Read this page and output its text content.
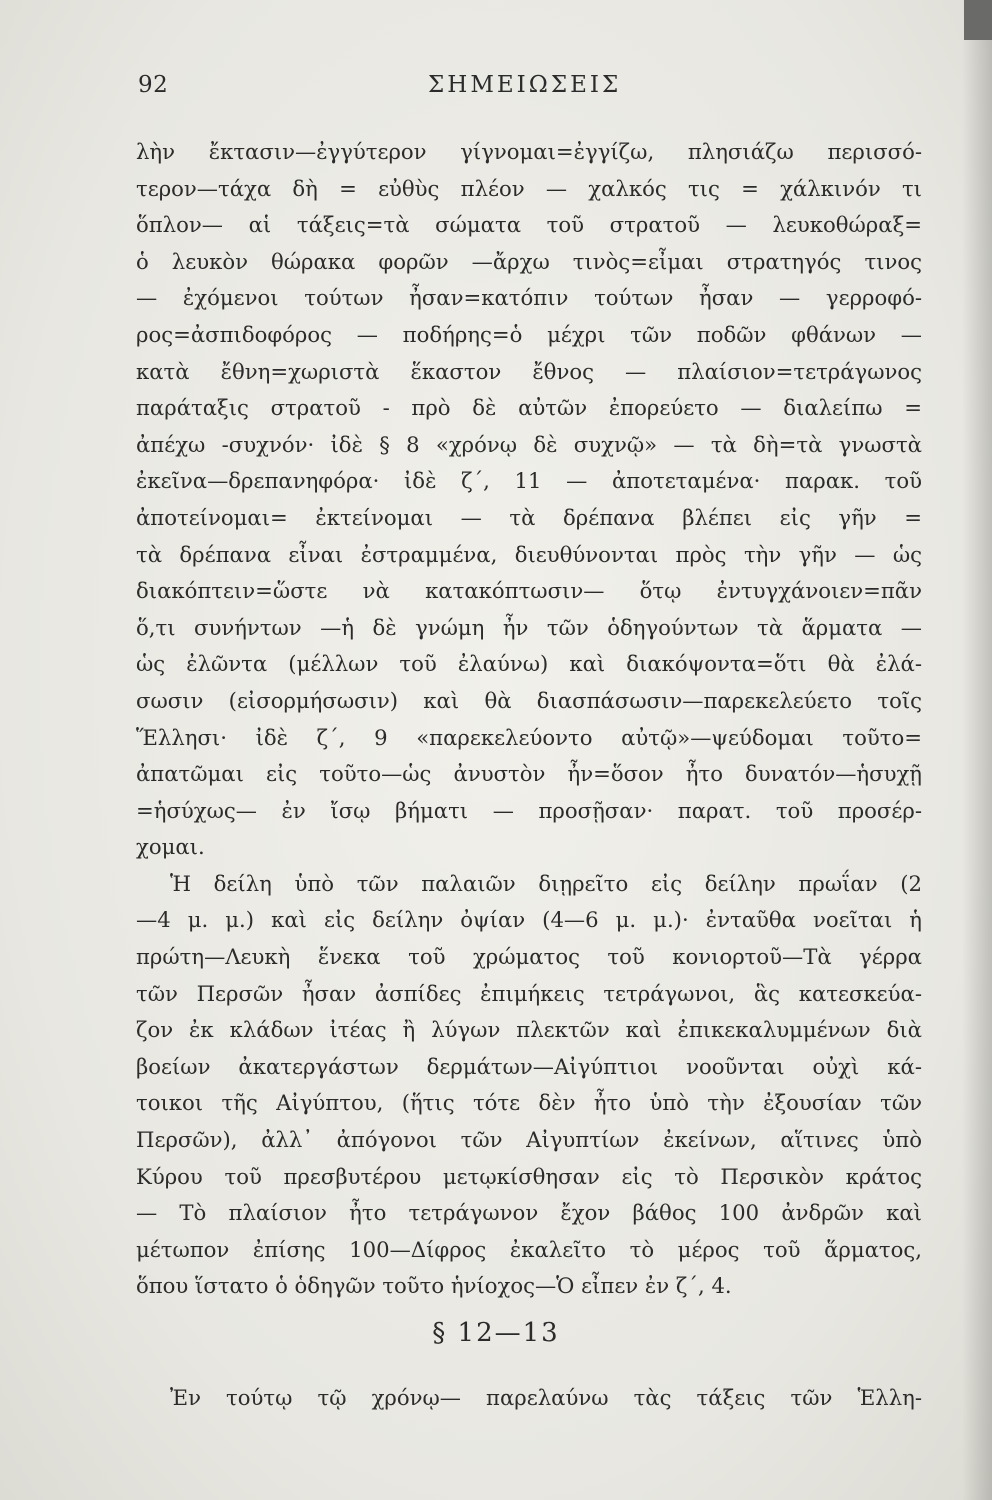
92	ΣΗΜΕΙΩΣΕΙΣ
λὴν ἔκτασιν—ἐγγύτερον γίγνομαι=ἐγγίζω, πλησιάζω περισσό-
τερον—τάχα δὴ = εὐθὺς πλέον — χαλκός τις = χάλκινόν τι
ὅπλον— αἱ τάξεις=τὰ σώματα τοῦ στρατοῦ — λευκοθώραξ=
ὁ λευκὸν θώρακα φορῶν —ἄρχω τινὸς=εἶμαι στρατηγός τινος
— ἐχόμενοι τούτων ἦσαν=κατόπιν τούτων ἦσαν — γερροφό-
ρος=ἀσπιδοφόρος — ποδήρης=ὁ μέχρι τῶν ποδῶν φθάνων —
κατὰ ἔθνη=χωριστὰ ἕκαστον ἔθνος — πλαίσιον=τετράγωνος
παράταξις στρατοῦ - πρὸ δὲ αὐτῶν ἐπορεύετο — διαλείπω =
ἀπέχω -συχνόν· ἰδὲ § 8 «χρόνῳ δὲ συχνῷ» — τὰ δὴ=τὰ γνωστὰ
ἐκεῖνα—δρεπανηφόρα· ἰδὲ ζ΄, 11 — ἀποτεταμένα· παρακ. τοῦ
ἀποτείνομαι= ἐκτείνομαι — τὰ δρέπανα βλέπει εἰς γῆν =
τὰ δρέπανα εἶναι ἐστραμμένα, διευθύνονται πρὸς τὴν γῆν — ὡς
διακόπτειν=ὥστε νὰ κατακόπτωσιν— ὅτῳ ἐντυγχάνοιεν=πᾶν
ὅ,τι συνήντων —ἡ δὲ γνώμη ἦν τῶν ὁδηγούντων τὰ ἅρματα —
ὡς ἐλῶντα (μέλλων τοῦ ἐλαύνω) καὶ διακόψοντα=ὅτι θὰ ἐλά-
σωσιν (εἰσορμήσωσιν) καὶ θὰ διασπάσωσιν—παρεκελεύετο τοῖς
Ἕλλησι· ἰδὲ ζ΄, 9 «παρεκελεύοντο αὐτῷ»—ψεύδομαι τοῦτο=
ἀπατῶμαι εἰς τοῦτο—ὡς ἀνυστὸν ἦν=ὅσον ἦτο δυνατόν—ἡσυχῇ
=ἡσύχως— ἐν ἴσῳ βήματι — προσῇσαν· παρατ. τοῦ προσέρ-
χομαι.
Ἡ δείλη ὑπὸ τῶν παλαιῶν διῃρεῖτο εἰς δείλην πρωΐαν (2
—4 μ. μ.) καὶ εἰς δείλην ὀψίαν (4—6 μ. μ.)· ἐνταῦθα νοεῖται ἡ
πρώτη—Λευκὴ ἕνεκα τοῦ χρώματος τοῦ κονιορτοῦ—Τὰ γέρρα
τῶν Περσῶν ἦσαν ἀσπίδες ἐπιμήκεις τετράγωνοι, ἃς κατεσκεύα-
ζον ἐκ κλάδων ἰτέας ἢ λύγων πλεκτῶν καὶ ἐπικεκαλυμμένων διὰ
βοείων ἀκατεργάστων δερμάτων—Αἰγύπτιοι νοοῦνται οὐχὶ κά-
τοικοι τῆς Αἰγύπτου, (ἥτις τότε δὲν ἦτο ὑπὸ τὴν ἐξουσίαν τῶν
Περσῶν), ἀλλ᾽ ἀπόγονοι τῶν Αἰγυπτίων ἐκείνων, αἵτινες ὑπὸ
Κύρου τοῦ πρεσβυτέρου μετῳκίσθησαν εἰς τὸ Περσικὸν κράτος
— Τὸ πλαίσιον ἦτο τετράγωνον ἔχον βάθος 100 ἀνδρῶν καὶ
μέτωπον ἐπίσης 100—Δίφρος ἐκαλεῖτο τὸ μέρος τοῦ ἅρματος,
ὅπου ἵστατο ὁ ὁδηγῶν τοῦτο ἡνίοχος—Ὁ εἶπεν ἐν ζ΄, 4.
§ 12—13
Ἐν τούτῳ τῷ χρόνῳ— παρελαύνω τὰς τάξεις τῶν Ἑλλη-
